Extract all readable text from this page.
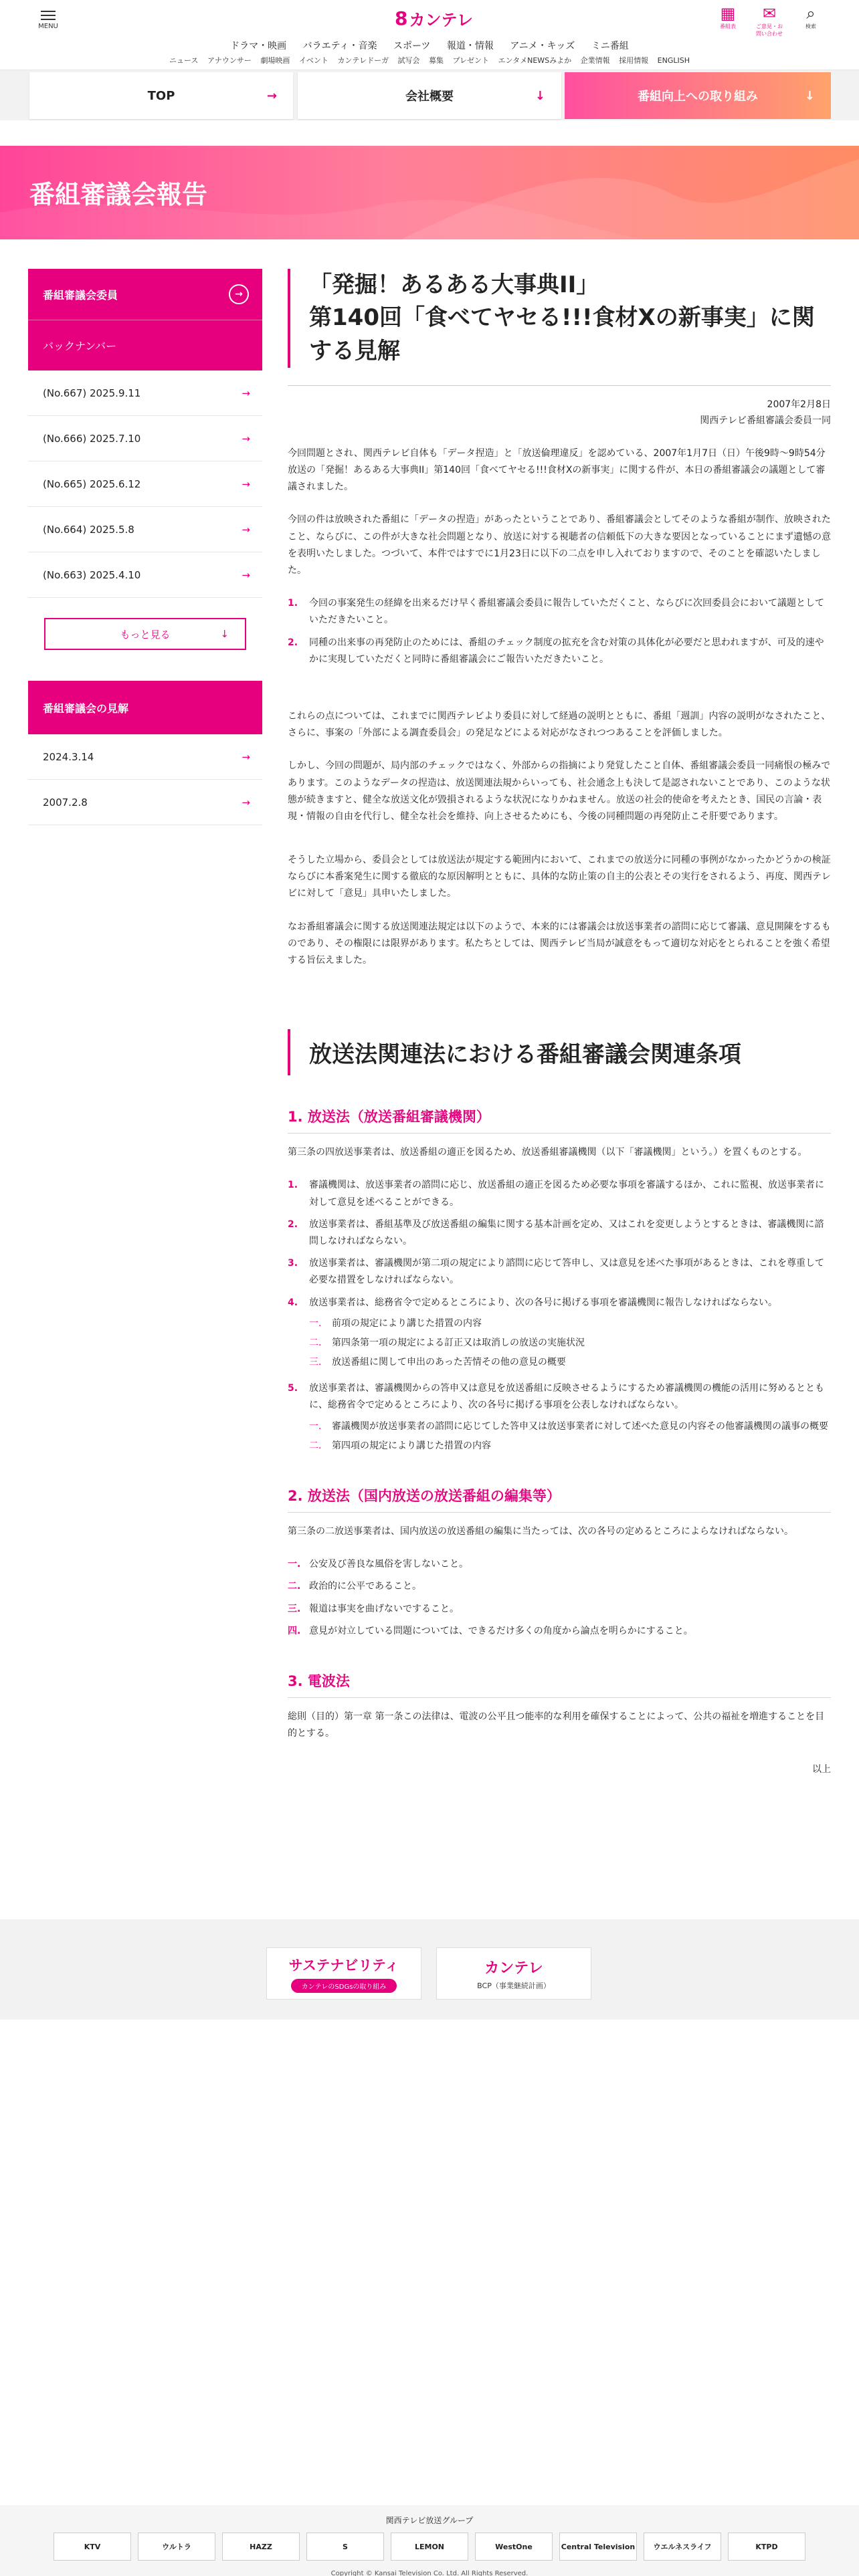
MENU	8 カンテレ	▦
番組表
✉
ご意見・お問い合わせ
⌕
検索
ドラマ・映画 バラエティ・音楽 スポーツ 報道・情報 アニメ・キッズ ミニ番組
ニュース アナウンサー 劇場映画 イベント カンテレドーガ 試写会 募集 プレゼント エンタメNEWSみよか 企業情報 採用情報 ENGLISH
TOP	→	会社概要	↓	番組向上への取り組み	↓
番組審議会報告
番組審議会委員	→
バックナンバー
(No.667) 2025.9.11	→
(No.666) 2025.7.10	→
(No.665) 2025.6.12	→
(No.664) 2025.5.8	→
(No.663) 2025.4.10	→
もっと見る	↓
番組審議会の見解
2024.3.14	→
2007.2.8	→
「発掘！あるある大事典II」
第140回「食べてヤセる!!!食材Xの新事実」に関する見解
2007年2月8日
関西テレビ番組審議会委員一同

今回問題とされ、関西テレビ自体も「データ捏造」と「放送倫理違反」を認めている、2007年1月7日（日）午後9時〜9時54分放送の「発掘！あるある大事典II」第140回「食べてヤセる!!!食材Xの新事実」に関する件が、本日の番組審議会の議題として審議されました。

今回の件は放映された番組に「データの捏造」があったということであり、番組審議会としてそのような番組が制作、放映されたこと、ならびに、この件が大きな社会問題となり、放送に対する視聴者の信頼低下の大きな要因となっていることにまず遺憾の意を表明いたしました。つづいて、本件ではすでに1月23日に以下の二点を申し入れておりますので、そのことを確認いたしました。

1. 今回の事案発生の経緯を出来るだけ早く番組審議会委員に報告していただくこと、ならびに次回委員会において議題としていただきたいこと。
2. 同種の出来事の再発防止のためには、番組のチェック制度の拡充を含む対策の具体化が必要だと思われますが、可及的速やかに実現していただくと同時に番組審議会にご報告いただきたいこと。

これらの点については、これまでに関西テレビより委員に対して経過の説明とともに、番組「週訓」内容の説明がなされたこと、さらに、事案の「外部による調査委員会」の発足などによる対応がなされつつあることを評価しました。

しかし、今回の問題が、局内部のチェックではなく、外部からの指摘により発覚したこと自体、番組審議会委員一同痛恨の極みであります。このようなデータの捏造は、放送関連法規からいっても、社会通念上も決して是認されないことであり、このような状態が続きますと、健全な放送文化が毀損されるような状況になりかねません。放送の社会的使命を考えたとき、国民の言論・表現・情報の自由を代行し、健全な社会を維持、向上させるためにも、今後の同種問題の再発防止こそ肝要であります。

そうした立場から、委員会としては放送法が規定する範囲内において、これまでの放送分に同種の事例がなかったかどうかの検証ならびに本番案発生に関する徹底的な原因解明とともに、具体的な防止策の自主的公表とその実行をされるよう、再度、関西テレビに対して「意見」具申いたしました。

なお番組審議会に関する放送関連法規定は以下のようで、本来的には審議会は放送事業者の諮問に応じて審議、意見開陳をするものであり、その権限には限界があります。私たちとしては、関西テレビ当局が誠意をもって適切な対応をとられることを強く希望する旨伝えました。

放送法関連法における番組審議会関連条項
1. 放送法（放送番組審議機関）

第三条の四放送事業者は、放送番組の適正を図るため、放送番組審議機関（以下「審議機関」という。）を置くものとする。

1. 審議機関は、放送事業者の諮問に応じ、放送番組の適正を図るため必要な事項を審議するほか、これに監視、放送事業者に対して意見を述べることができる。
2. 放送事業者は、番組基準及び放送番組の編集に関する基本計画を定め、又はこれを変更しようとするときは、審議機関に諮問しなければならない。
3. 放送事業者は、審議機関が第二項の規定により諮問に応じて答申し、又は意見を述べた事項があるときは、これを尊重して必要な措置をしなければならない。
4. 放送事業者は、総務省令で定めるところにより、次の各号に掲げる事項を審議機関に報告しなければならない。
一. 前項の規定により講じた措置の内容
二. 第四条第一項の規定による訂正又は取消しの放送の実施状況
三. 放送番組に関して申出のあった苦情その他の意見の概要
5. 放送事業者は、審議機関からの答申又は意見を放送番組に反映させるようにするため審議機関の機能の活用に努めるとともに、総務省令で定めるところにより、次の各号に掲げる事項を公表しなければならない。
一. 審議機関が放送事業者の諮問に応じてした答申又は放送事業者に対して述べた意見の内容その他審議機関の議事の概要
二. 第四項の規定により講じた措置の内容
2. 放送法（国内放送の放送番組の編集等）

第三条の二放送事業者は、国内放送の放送番組の編集に当たっては、次の各号の定めるところによらなければならない。

一. 公安及び善良な風俗を害しないこと。
二. 政治的に公平であること。
三. 報道は事実を曲げないですること。
四. 意見が対立している問題については、できるだけ多くの角度から論点を明らかにすること。
3. 電波法

総則（目的）第一章 第一条この法律は、電波の公平且つ能率的な利用を確保することによって、公共の福祉を増進することを目的とする。

以上
サステナビリティ
カンテレのSDGsの取り組み
カンテレ
BCP（事業継続計画）
関西テレビ放送グループ
KTV	ウルトラ	HAZZ	S	LEMON	WestOne	Central Television	ウエルネスライフ	KTPD
Copyright © Kansai Television Co. Ltd. All Rights Reserved.
